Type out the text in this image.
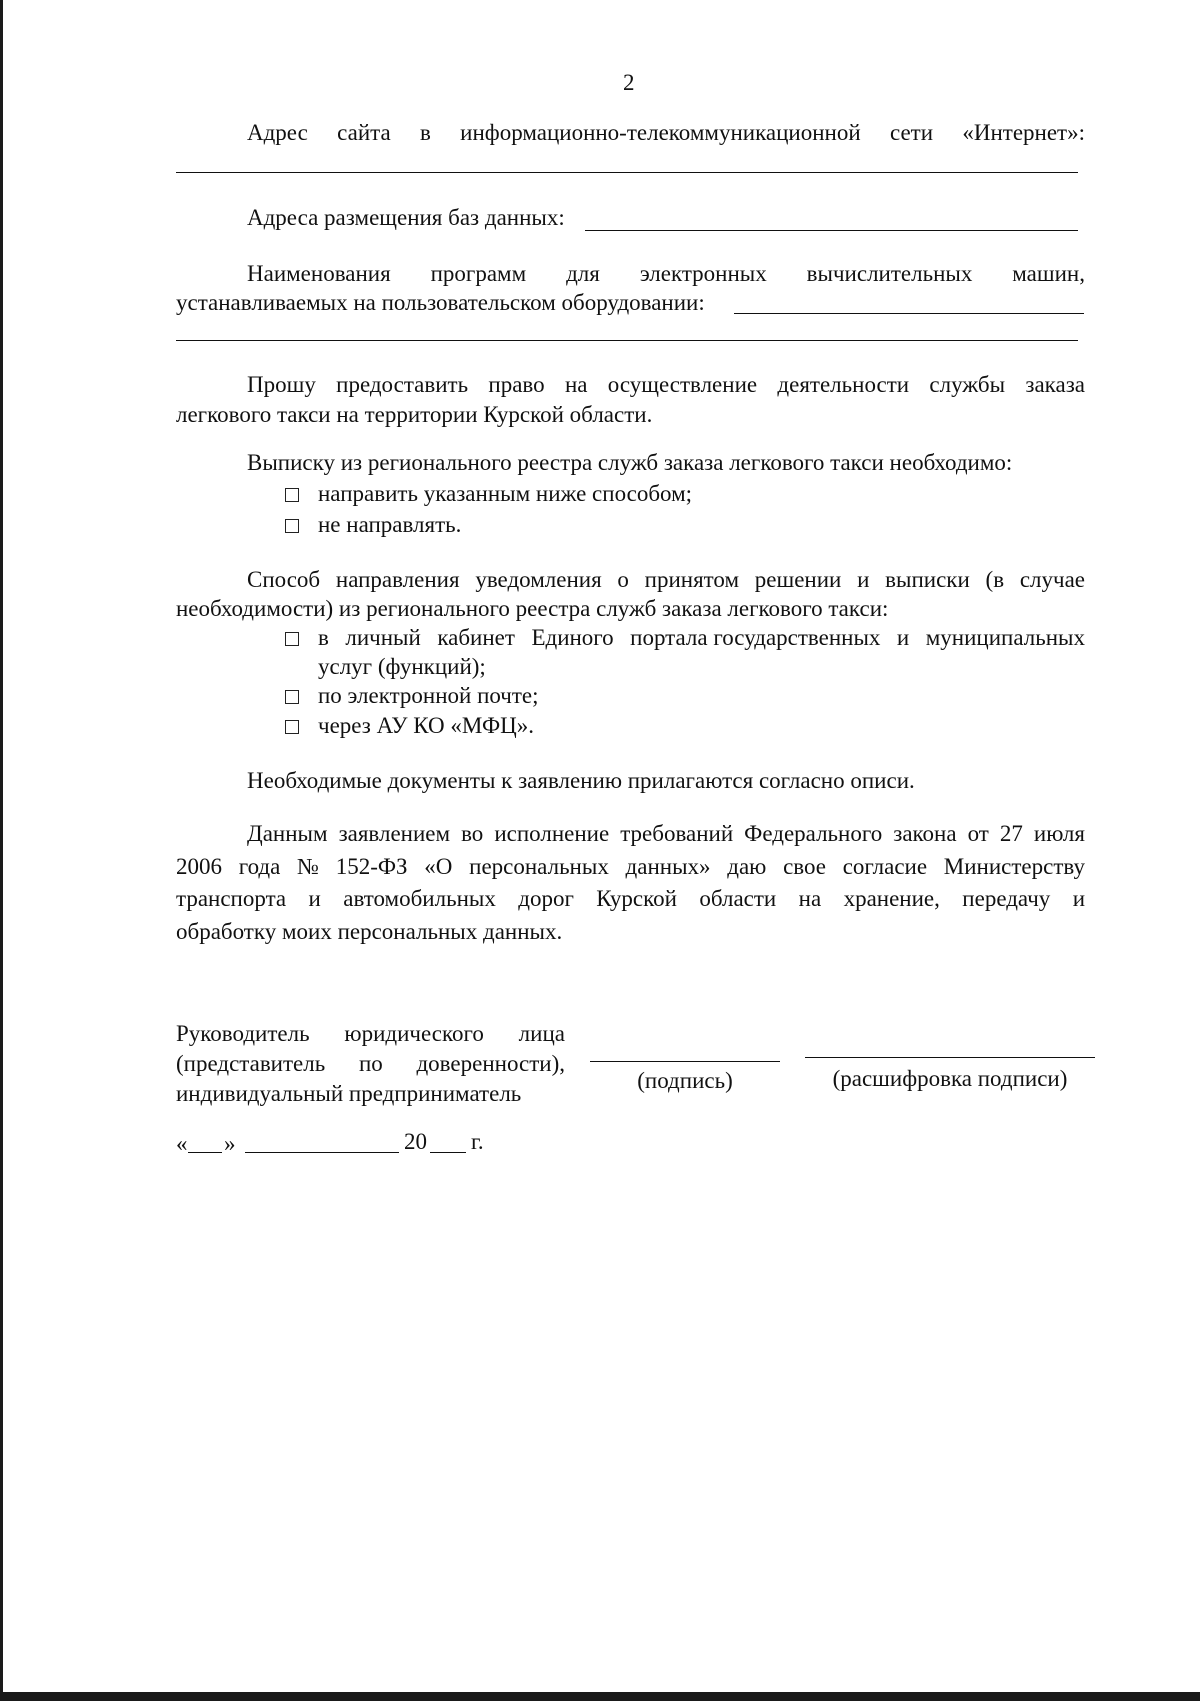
2
Адрес сайта в информационно-телекоммуникационной сети «Интернет»:
Адреса размещения баз данных:
Наименования программ для электронных вычислительных машин,
устанавливаемых на пользовательском оборудовании:
Прошу предоставить право на осуществление деятельности службы заказа
легкового такси на территории Курской области.
Выписку из регионального реестра служб заказа легкового такси необходимо:
направить указанным ниже способом;
не направлять.
Способ направления уведомления о принятом решении и выписки (в случае
необходимости) из регионального реестра служб заказа легкового такси:
в личный кабинет Единого портала государственных и муниципальных
услуг (функций);
по электронной почте;
через АУ КО «МФЦ».
Необходимые документы к заявлению прилагаются согласно описи.
Данным заявлением во исполнение требований Федерального закона от 27 июля
2006 года № 152-ФЗ «О персональных данных» даю свое согласие Министерству
транспорта и автомобильных дорог Курской области на хранение, передачу и
обработку моих персональных данных.
Руководитель юридического лица
(представитель по доверенности),
индивидуальный предприниматель
(подпись)	(расшифровка подписи)
« »	20 г.
